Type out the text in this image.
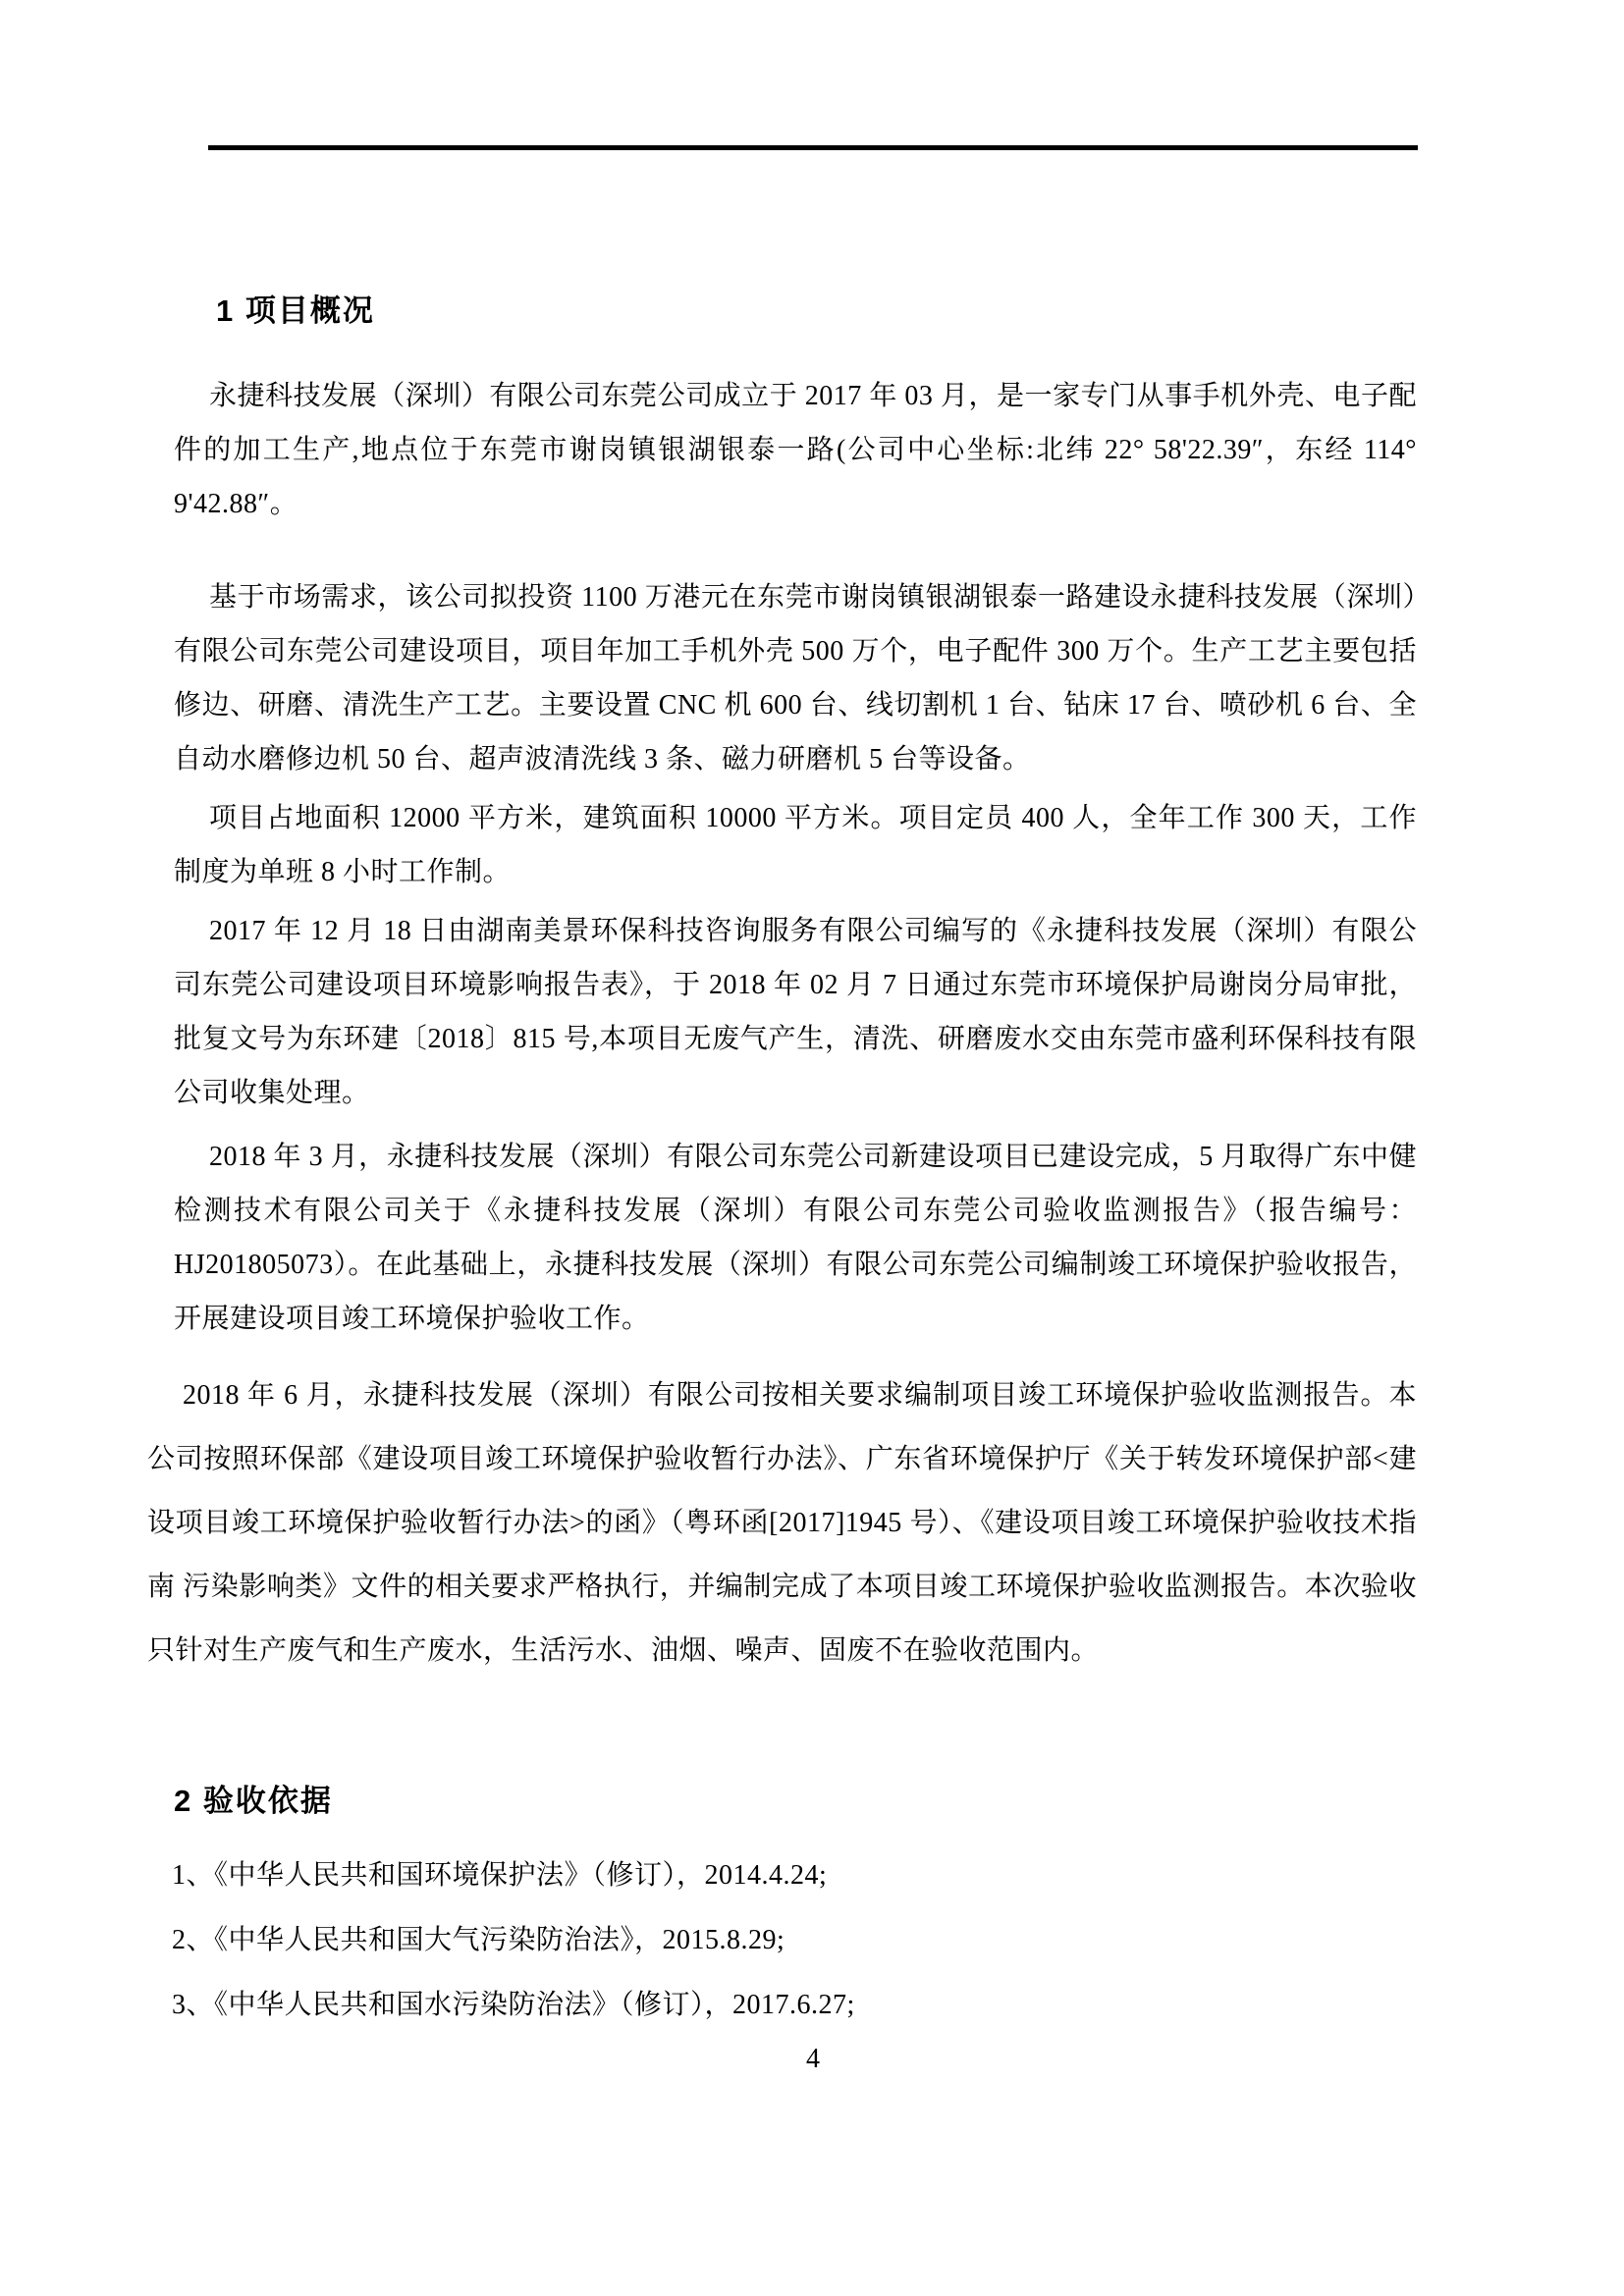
1 项目概况

永捷科技发展（深圳）有限公司东莞公司成立于 2017 年 03 月，是一家专门从事手机外壳、电子配件的加工生产,地点位于东莞市谢岗镇银湖银泰一路(公司中心坐标:北纬 22° 58'22.39″，东经 114° 9'42.88″。

基于市场需求，该公司拟投资 1100 万港元在东莞市谢岗镇银湖银泰一路建设永捷科技发展（深圳）有限公司东莞公司建设项目，项目年加工手机外壳 500 万个，电子配件 300 万个。生产工艺主要包括修边、研磨、清洗生产工艺。主要设置 CNC 机 600 台、线切割机 1 台、钻床 17 台、喷砂机 6 台、全自动水磨修边机 50 台、超声波清洗线 3 条、磁力研磨机 5 台等设备。

项目占地面积 12000 平方米，建筑面积 10000 平方米。项目定员 400 人，全年工作 300 天，工作制度为单班 8 小时工作制。

2017 年 12 月 18 日由湖南美景环保科技咨询服务有限公司编写的《永捷科技发展（深圳）有限公司东莞公司建设项目环境影响报告表》，于 2018 年 02 月 7 日通过东莞市环境保护局谢岗分局审批，批复文号为东环建〔2018〕815 号,本项目无废气产生，清洗、研磨废水交由东莞市盛利环保科技有限公司收集处理。

2018 年 3 月，永捷科技发展（深圳）有限公司东莞公司新建设项目已建设完成，5 月取得广东中健检测技术有限公司关于《永捷科技发展（深圳）有限公司东莞公司验收监测报告》（报告编号：HJ201805073）。在此基础上，永捷科技发展（深圳）有限公司东莞公司编制竣工环境保护验收报告，开展建设项目竣工环境保护验收工作。

2018 年 6 月，永捷科技发展（深圳）有限公司按相关要求编制项目竣工环境保护验收监测报告。本公司按照环保部《建设项目竣工环境保护验收暂行办法》、广东省环境保护厅《关于转发环境保护部<建设项目竣工环境保护验收暂行办法>的函》（粤环函[2017]1945 号）、《建设项目竣工环境保护验收技术指南 污染影响类》文件的相关要求严格执行，并编制完成了本项目竣工环境保护验收监测报告。本次验收只针对生产废气和生产废水，生活污水、油烟、噪声、固废不在验收范围内。

2 验收依据
1、《中华人民共和国环境保护法》（修订），2014.4.24;
2、《中华人民共和国大气污染防治法》，2015.8.29;
3、《中华人民共和国水污染防治法》（修订），2017.6.27;
4
